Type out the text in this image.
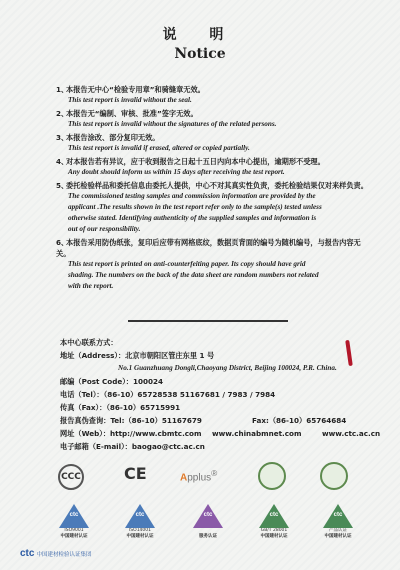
说 明
Notice
1、本报告无中心“检验专用章”和骑缝章无效。
This test report is invalid without the seal.
2、本报告无“编制、审核、批准”签字无效。
This test report is invalid without the signatures of the related persons.
3、本报告涂改、部分复印无效。
This test report is invalid if erased, altered or copied partially.
4、对本报告若有异议，应于收到报告之日起十五日内向本中心提出，逾期形不受理。
Any doubt should inform us within 15 days after receiving the test report.
5、委托检验样品和委托信息由委托人提供，中心不对其真实性负责，委托检验结果仅对来样负责。
The commissioned testing samples and commission information are provided by the
applicant .The results shown in the test report refer only to the sample(s) tested unless
otherwise stated. Identifying authenticity of the supplied samples and information is
out of our responsibility.
6、本报告采用防伪纸张，复印后应带有网格底纹，数据页背面的编号为随机编号，与报告内容无关。
This test report is printed on anti-counterfeiting paper. Its copy should have grid
shading. The numbers on the back of the data sheet are random numbers not related
with the report.
本中心联系方式：
地址（Address）：北京市朝阳区管庄东里 1 号
No.1 Guanzhuang Dongli,Chaoyang District, Beijing 100024, P.R. China.
邮编（Post Code）：100024
电话（Tel）：（86-10）65728538 51167681 / 7983 / 7984
传真（Fax）：（86-10）65715991
报告真伪查询：Tel:（86-10）51167679	Fax:（86-10）65764684
网址（Web）：http://www.cbmtc.com www.chinabmnet.com	www.ctc.ac.cn
电子邮箱（E-mail）：baogao@ctc.ac.cn
CCC	CE	Applus®
ctc
ISO9001
中国建材认证
ctc
ISO14001
中国建材认证
ctc
服务认证
ctc
GB/T 28001
中国建材认证
ctc
产品认证
中国建材认证
ctc 中国建材检验认证集团
